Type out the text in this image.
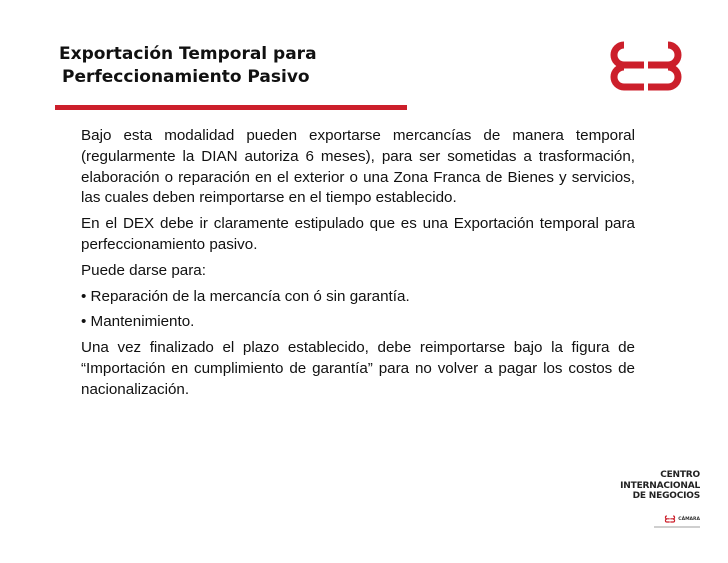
Exportación Temporal para
Perfeccionamiento Pasivo

Bajo esta modalidad pueden exportarse mercancías de manera temporal (regularmente la DIAN autoriza 6 meses), para ser sometidas a trasformación, elaboración o reparación en el exterior o una Zona Franca de Bienes y servicios, las cuales deben reimportarse en el tiempo establecido.

En el DEX debe ir claramente estipulado que es una Exportación temporal para perfeccionamiento pasivo.

Puede darse para:

• Reparación de la mercancía con ó sin garantía.

• Mantenimiento.

Una vez finalizado el plazo establecido, debe reimportarse bajo la figura de “Importación en cumplimiento de garantía” para no volver a pagar los costos de nacionalización.

CENTRO
INTERNACIONAL
DE NEGOCIOS
CÁMARA
